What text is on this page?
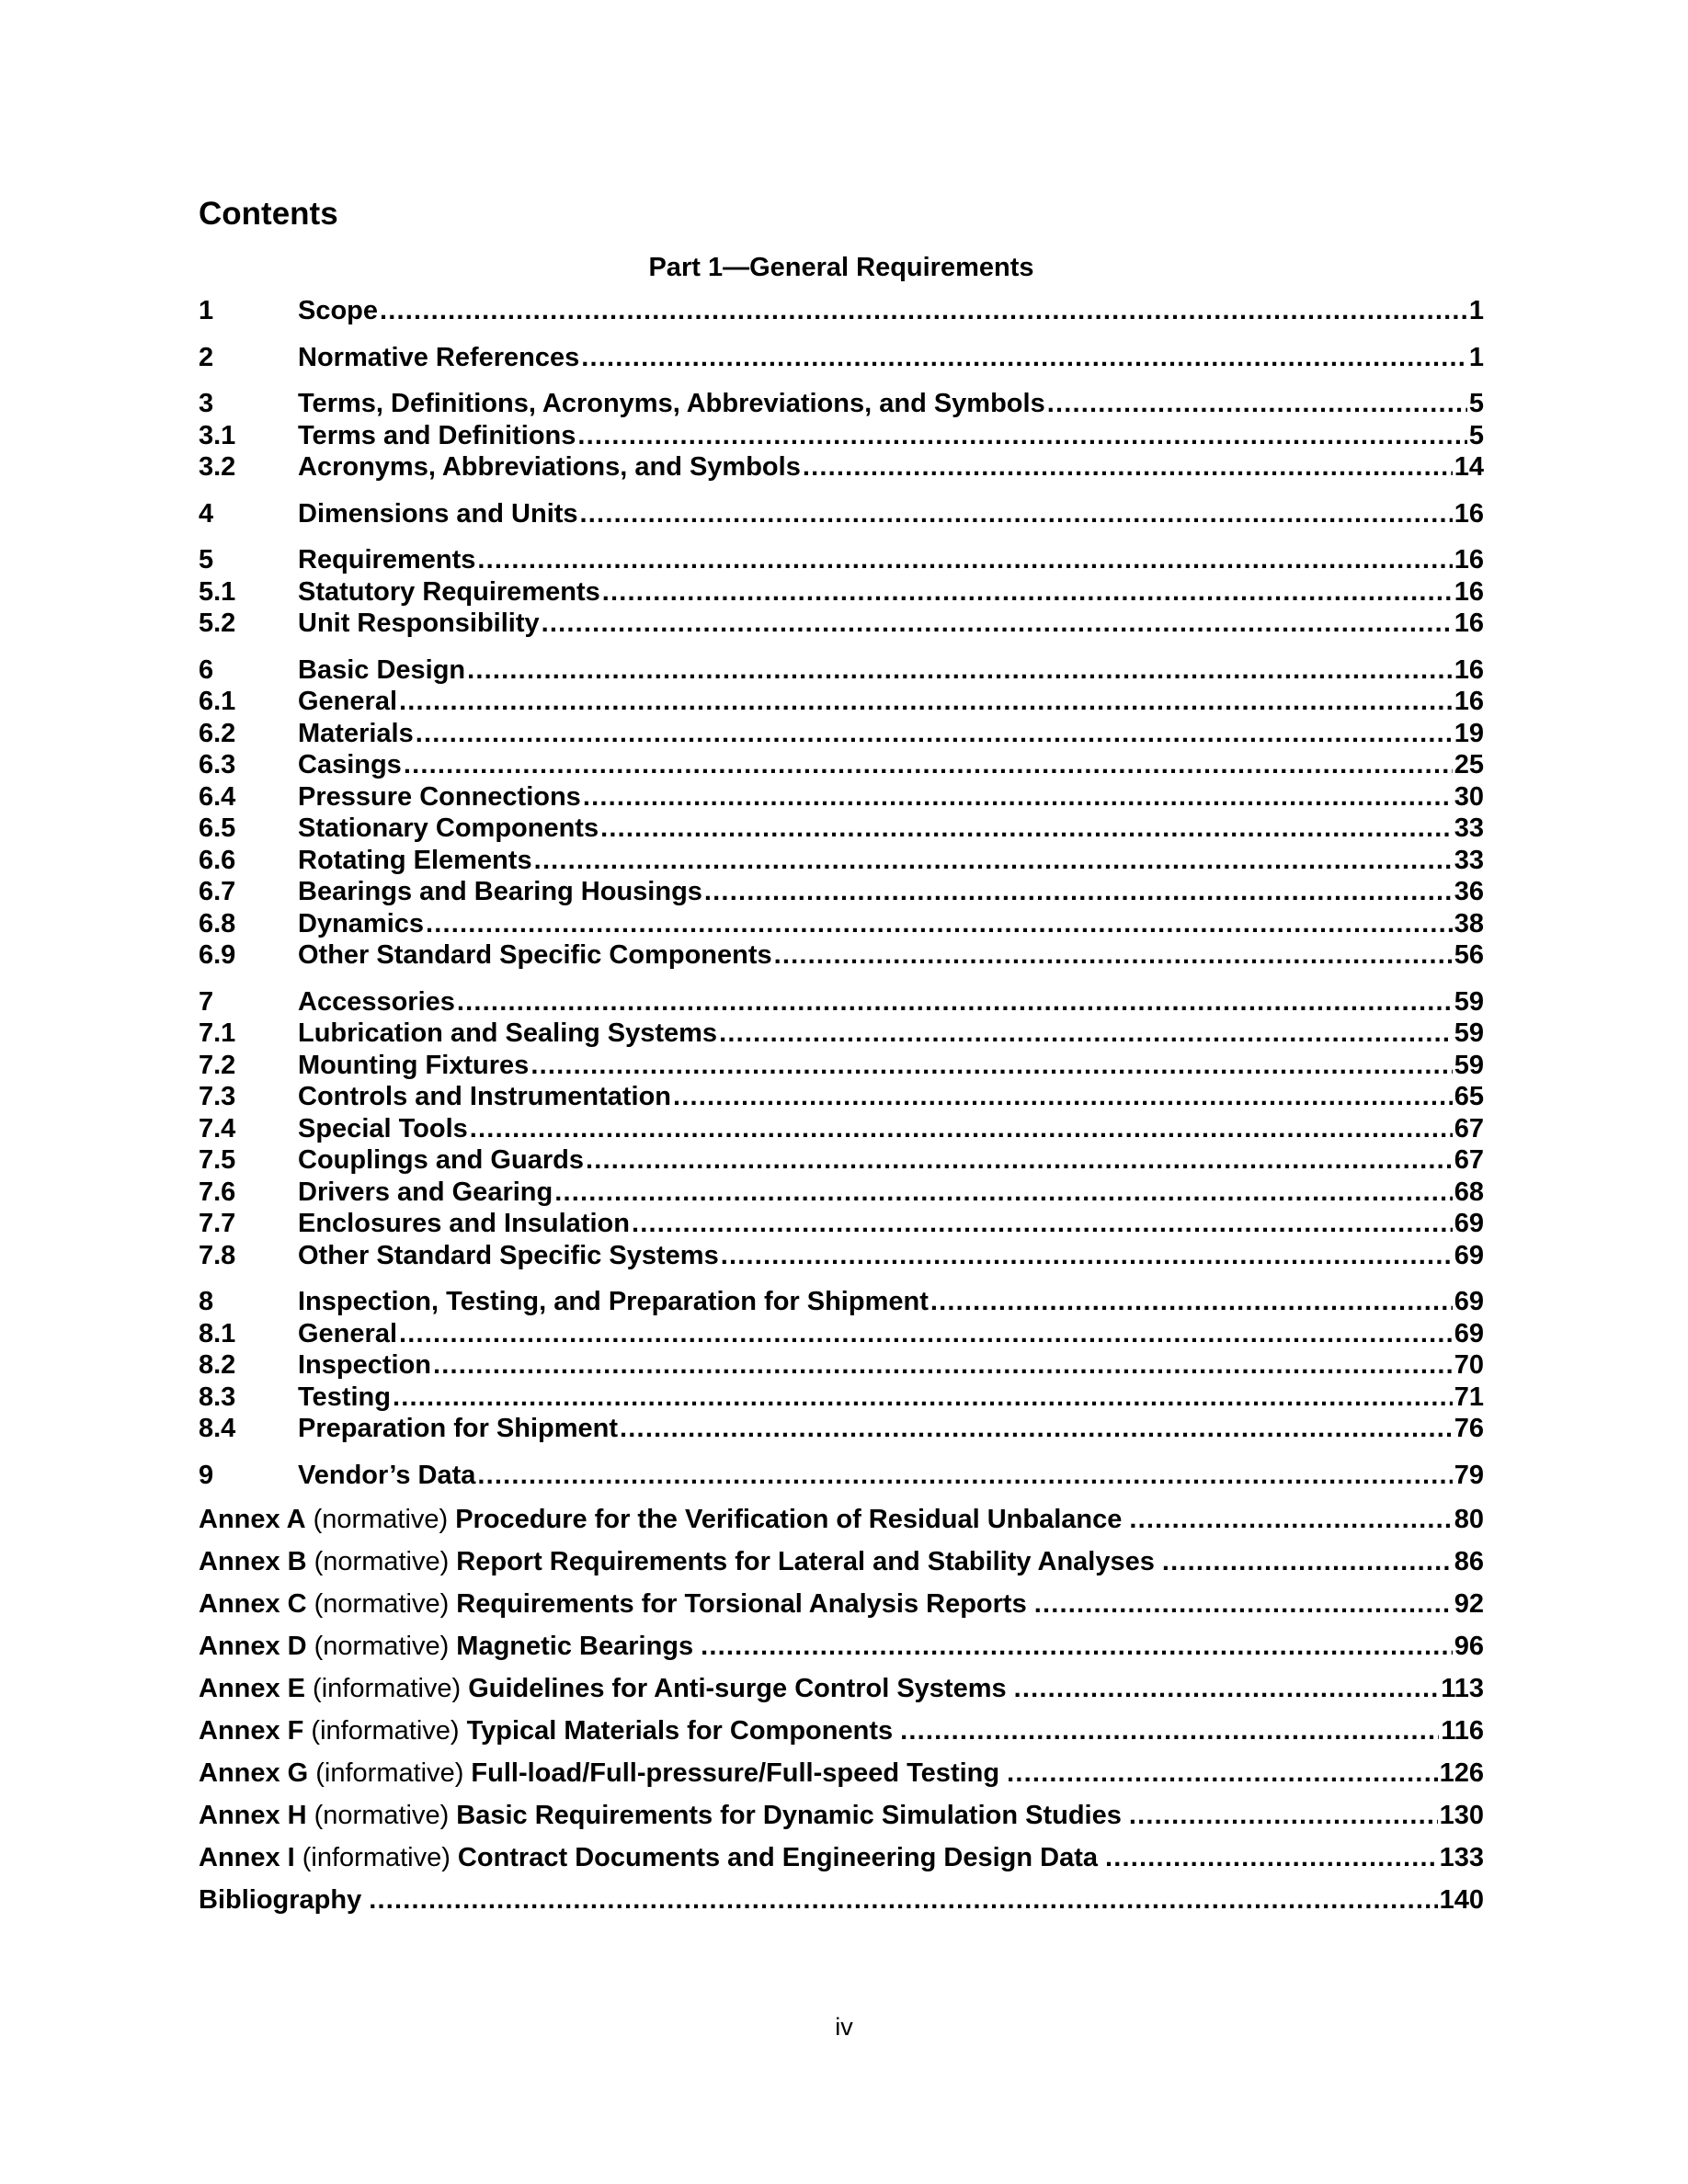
Contents
Part 1—General Requirements
1	Scope .....	1
2	Normative References .....	1
3	Terms, Definitions, Acronyms, Abbreviations, and Symbols .....	5
3.1	Terms and Definitions .....	5
3.2	Acronyms, Abbreviations, and Symbols .....	14
4	Dimensions and Units .....	16
5	Requirements .....	16
5.1	Statutory Requirements .....	16
5.2	Unit Responsibility .....	16
6	Basic Design .....	16
6.1	General .....	16
6.2	Materials .....	19
6.3	Casings .....	25
6.4	Pressure Connections .....	30
6.5	Stationary Components .....	33
6.6	Rotating Elements .....	33
6.7	Bearings and Bearing Housings .....	36
6.8	Dynamics .....	38
6.9	Other Standard Specific Components .....	56
7	Accessories .....	59
7.1	Lubrication and Sealing Systems .....	59
7.2	Mounting Fixtures .....	59
7.3	Controls and Instrumentation .....	65
7.4	Special Tools .....	67
7.5	Couplings and Guards .....	67
7.6	Drivers and Gearing .....	68
7.7	Enclosures and Insulation .....	69
7.8	Other Standard Specific Systems .....	69
8	Inspection, Testing, and Preparation for Shipment .....	69
8.1	General .....	69
8.2	Inspection .....	70
8.3	Testing .....	71
8.4	Preparation for Shipment .....	76
9	Vendor’s Data .....	79
Annex A (normative) Procedure for the Verification of Residual Unbalance .....	80
Annex B (normative) Report Requirements for Lateral and Stability Analyses .....	86
Annex C (normative) Requirements for Torsional Analysis Reports .....	92
Annex D (normative) Magnetic Bearings .....	96
Annex E (informative) Guidelines for Anti-surge Control Systems .....	113
Annex F (informative) Typical Materials for Components .....	116
Annex G (informative) Full-load/Full-pressure/Full-speed Testing .....	126
Annex H (normative) Basic Requirements for Dynamic Simulation Studies .....	130
Annex I (informative) Contract Documents and Engineering Design Data .....	133
Bibliography .....	140
iv
